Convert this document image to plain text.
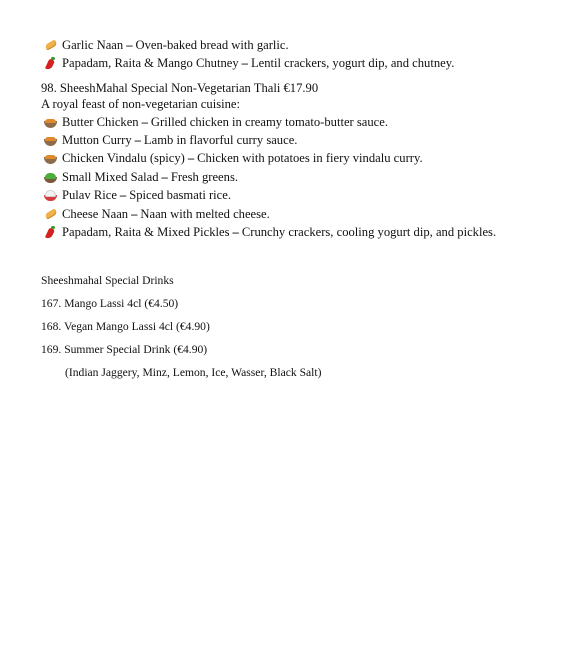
Garlic Naan – Oven-baked bread with garlic.
Papadam, Raita & Mango Chutney – Lentil crackers, yogurt dip, and chutney.
98. SheeshMahal Special Non-Vegetarian Thali €17.90
A royal feast of non-vegetarian cuisine:
Butter Chicken – Grilled chicken in creamy tomato-butter sauce.
Mutton Curry – Lamb in flavorful curry sauce.
Chicken Vindalu (spicy) – Chicken with potatoes in fiery vindalu curry.
Small Mixed Salad – Fresh greens.
Pulav Rice – Spiced basmati rice.
Cheese Naan – Naan with melted cheese.
Papadam, Raita & Mixed Pickles – Crunchy crackers, cooling yogurt dip, and pickles.
Sheeshmahal Special Drinks
167. Mango Lassi 4cl (€4.50)
168. Vegan Mango Lassi 4cl (€4.90)
169. Summer Special Drink (€4.90)
(Indian Jaggery, Minz, Lemon, Ice, Wasser, Black Salt)
